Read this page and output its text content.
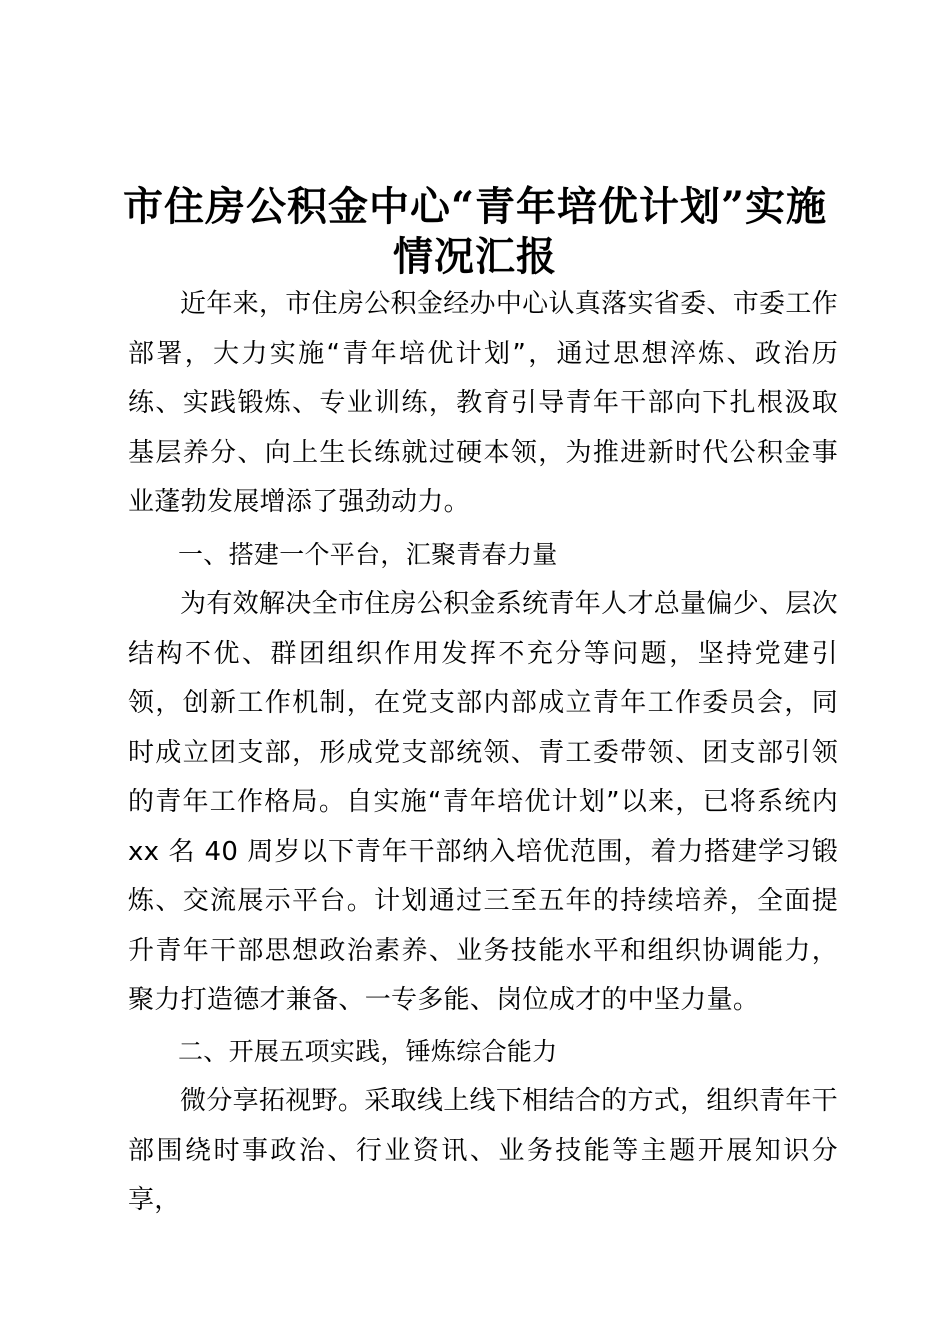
市住房公积金中心“青年培优计划”实施情况汇报

近年来，市住房公积金经办中心认真落实省委、市委工作部署，大力实施“青年培优计划”，通过思想淬炼、政治历练、实践锻炼、专业训练，教育引导青年干部向下扎根汲取基层养分、向上生长练就过硬本领，为推进新时代公积金事业蓬勃发展增添了强劲动力。

一、搭建一个平台，汇聚青春力量

为有效解决全市住房公积金系统青年人才总量偏少、层次结构不优、群团组织作用发挥不充分等问题，坚持党建引领，创新工作机制，在党支部内部成立青年工作委员会，同时成立团支部，形成党支部统领、青工委带领、团支部引领的青年工作格局。自实施“青年培优计划”以来，已将系统内 xx 名 40 周岁以下青年干部纳入培优范围，着力搭建学习锻炼、交流展示平台。计划通过三至五年的持续培养，全面提升青年干部思想政治素养、业务技能水平和组织协调能力，聚力打造德才兼备、一专多能、岗位成才的中坚力量。

二、开展五项实践，锤炼综合能力

微分享拓视野。采取线上线下相结合的方式，组织青年干部围绕时事政治、行业资讯、业务技能等主题开展知识分享，
